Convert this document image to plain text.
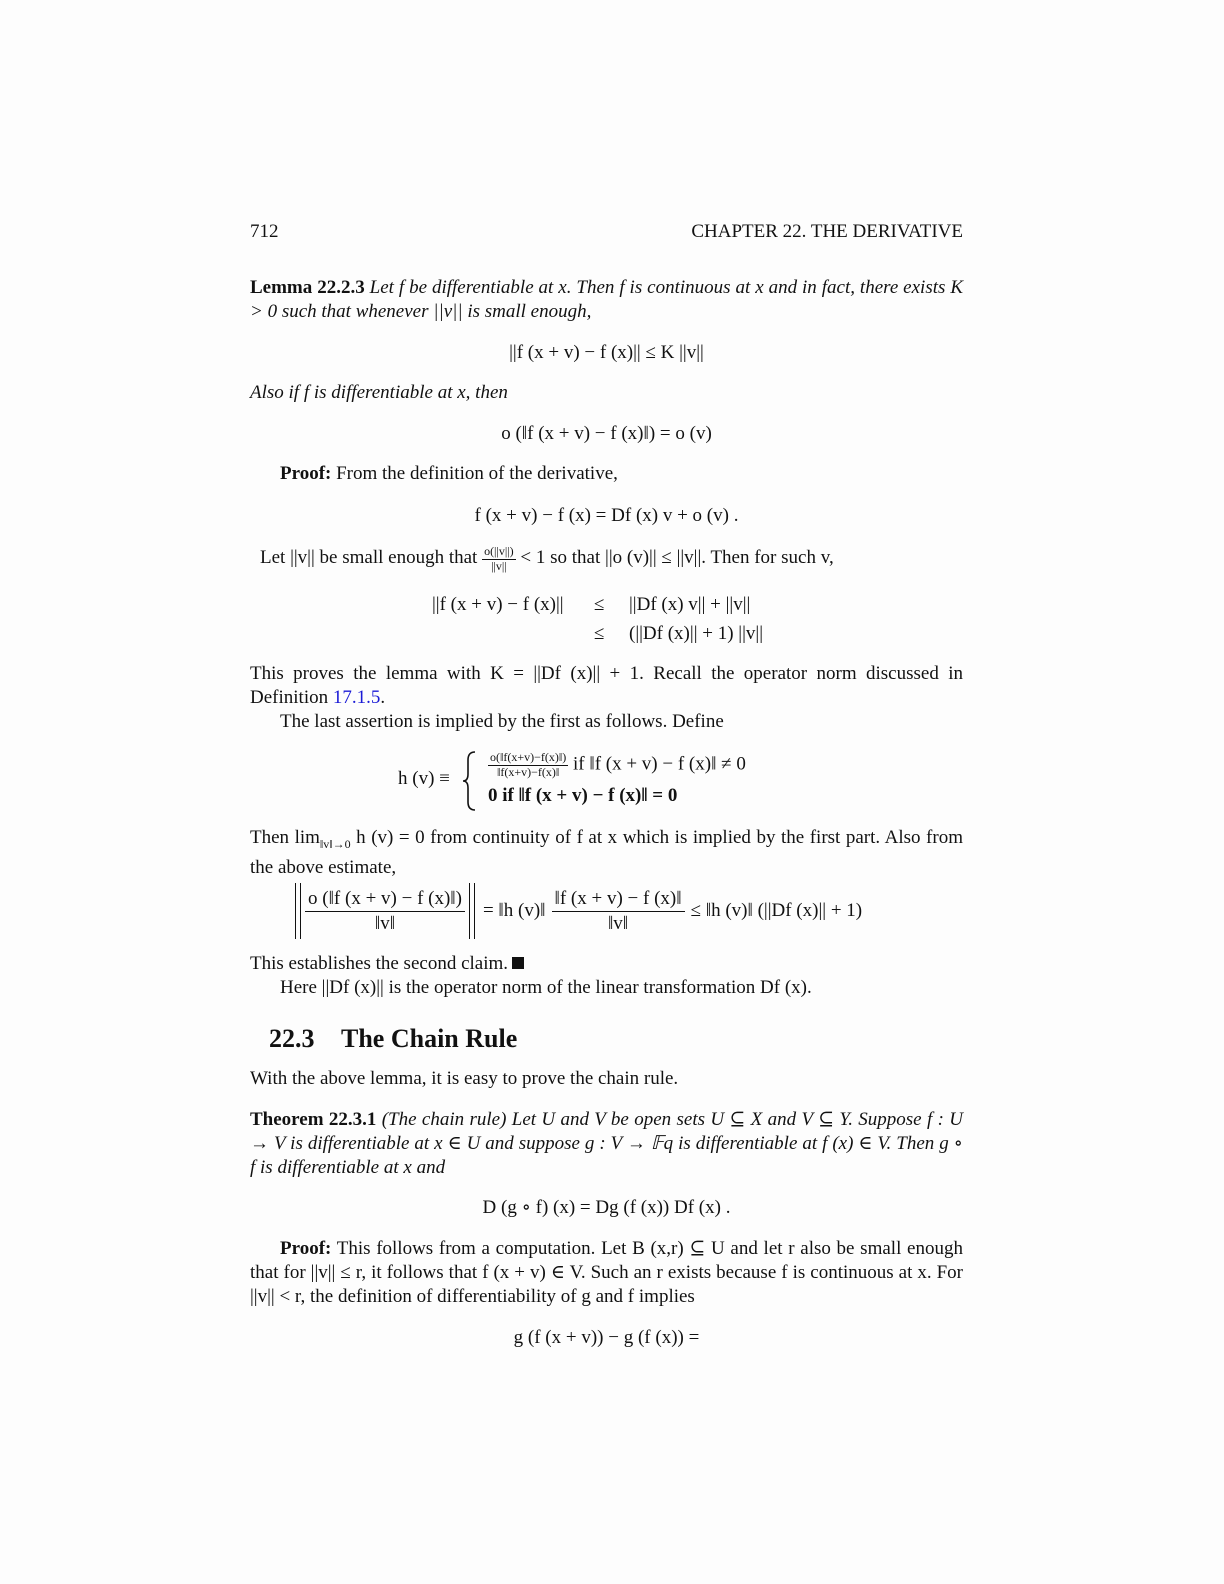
712	CHAPTER 22. THE DERIVATIVE
Lemma 22.2.3 Let f be differentiable at x. Then f is continuous at x and in fact, there exists K > 0 such that whenever ||v|| is small enough,
||f (x + v) − f (x)|| ≤ K ||v||
Also if f is differentiable at x, then
o (‖f (x + v) − f (x)‖) = o (v)
Proof: From the definition of the derivative,
f (x + v) − f (x) = Df (x) v + o (v) .
Let ||v|| be small enough that $\frac{o(||v||)}{||v||} < 1$ so that ||o (v)|| ≤ ||v||. Then for such v,
||f (x + v) − f (x)||	≤ ||Df (x) v|| + ||v||
≤ (||Df (x)|| + 1) ||v||
This proves the lemma with K = ||Df (x)|| + 1. Recall the operator norm discussed in Definition 17.1.5.
The last assertion is implied by the first as follows. Define
h (v) ≡	$\frac{o(‖f(x+v)-f(x)‖)}{‖f(x+v)-f(x)‖}$ if ‖f (x + v) − f (x)‖ ≠ 0
0 if ‖f (x + v) − f (x)‖ = 0
Then $\lim_{‖v‖\to 0} h$ (v) = 0 from continuity of f at x which is implied by the first part. Also from the above estimate,
$\frac{o (‖f (x + v) - f (x)‖)}{‖v‖}$ = ‖h (v)‖ $\frac{‖f (x + v) - f (x)‖}{‖v‖}$ ≤ ‖h (v)‖ (||Df (x)|| + 1)
This establishes the second claim.
Here ||Df (x)|| is the operator norm of the linear transformation Df (x).
22.3 The Chain Rule
With the above lemma, it is easy to prove the chain rule.
Theorem 22.3.1 (The chain rule) Let U and V be open sets U ⊆ X and V ⊆ Y. Suppose f : U → V is differentiable at x ∈ U and suppose g : V → 𝔽q is differentiable at f (x) ∈ V. Then g ∘ f is differentiable at x and
D (g ∘ f) (x) = Dg (f (x)) Df (x) .
Proof: This follows from a computation. Let B (x,r) ⊆ U and let r also be small enough that for ||v|| ≤ r, it follows that f (x + v) ∈ V. Such an r exists because f is continuous at x. For ||v|| < r, the definition of differentiability of g and f implies
g (f (x + v)) − g (f (x)) =
